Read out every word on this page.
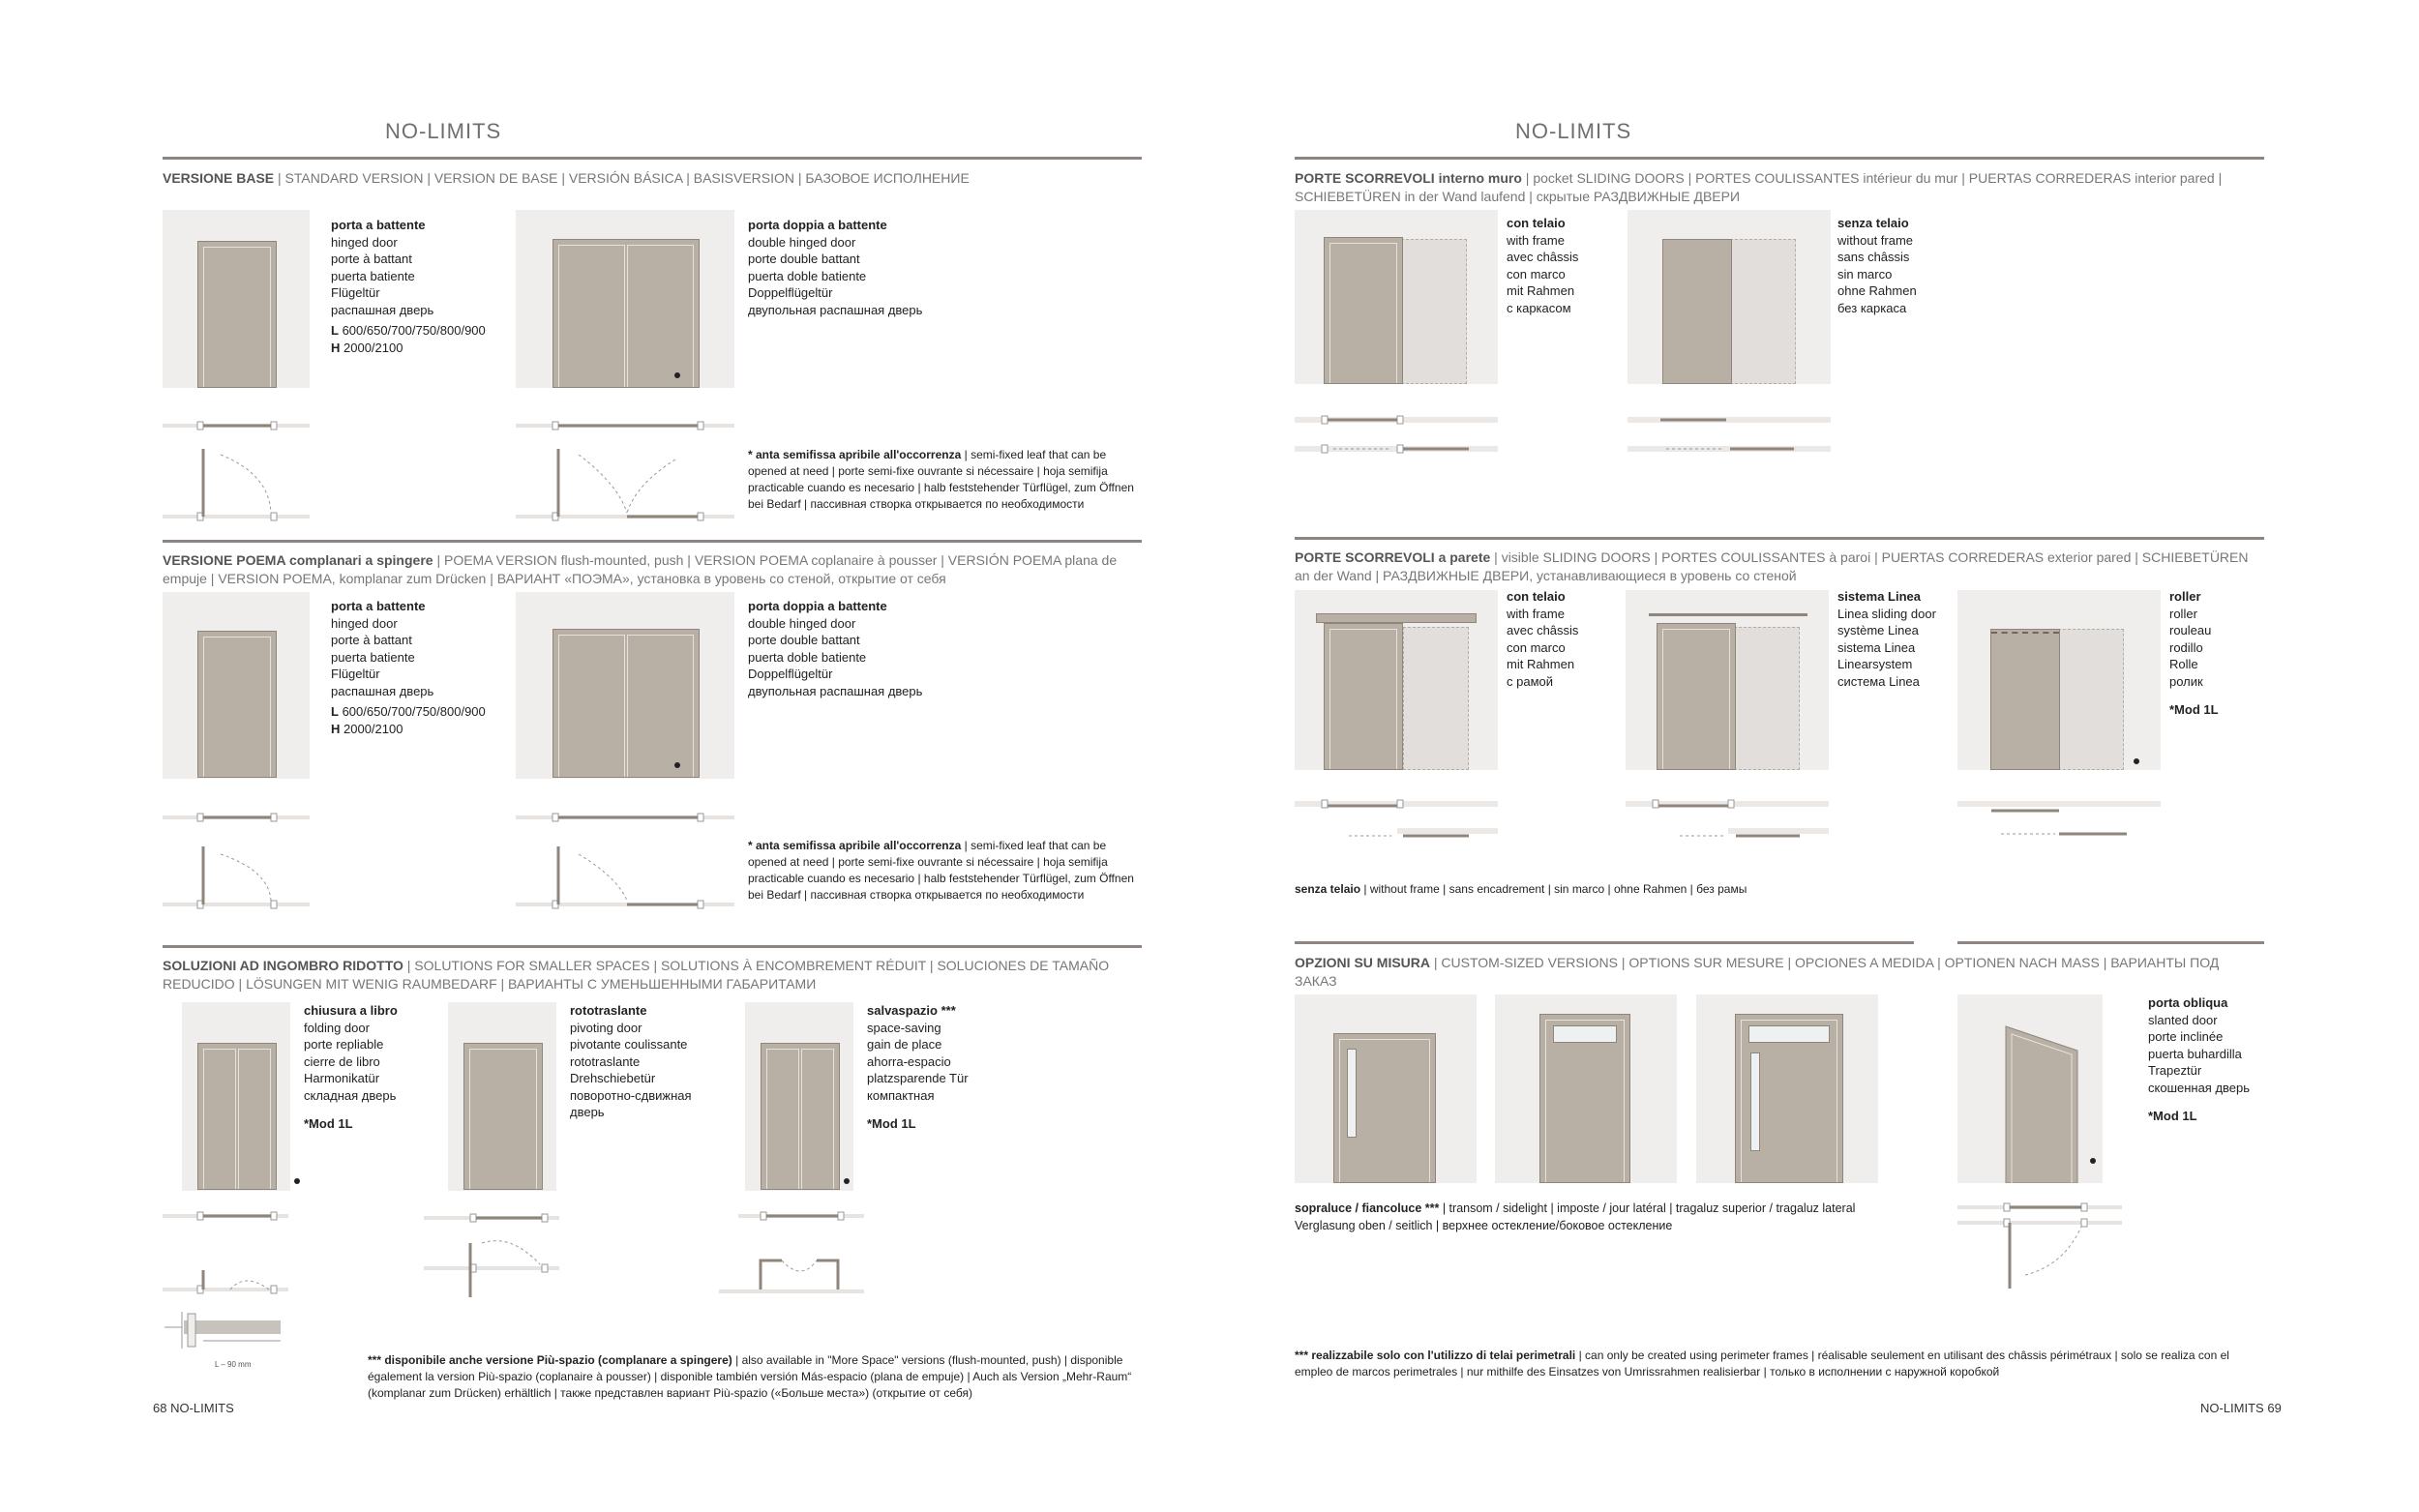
NO-LIMITS
VERSIONE BASE | STANDARD VERSION | VERSION DE BASE | VERSIÓN BÁSICA | BASISVERSION | БАЗОВОЕ ИСПОЛНЕНИЕ
porta a battente
hinged door
porte à battant
puerta batiente
Flügeltür
распашная дверь
L 600/650/700/750/800/900
H 2000/2100
porta doppia a battente
double hinged door
porte double battant
puerta doble batiente
Doppelflügeltür
двупольная распашная дверь
* anta semifissa apribile all'occorrenza | semi-fixed leaf that can be opened at need | porte semi-fixe ouvrante si nécessaire | hoja semifija practicable cuando es necesario | halb feststehender Türflügel, zum Öffnen bei Bedarf | пассивная створка открывается по необходимости
VERSIONE POEMA complanari a spingere | POEMA VERSION flush-mounted, push | VERSION POEMA coplanaire à pousser | VERSIÓN POEMA plana de empuje | VERSION POEMA, komplanar zum Drücken | ВАРИАНТ «ПОЭМА», установка в уровень со стеной, открытие от себя
porta a battente
hinged door
porte à battant
puerta batiente
Flügeltür
распашная дверь
L 600/650/700/750/800/900
H 2000/2100
porta doppia a battente
double hinged door
porte double battant
puerta doble batiente
Doppelflügeltür
двупольная распашная дверь
* anta semifissa apribile all'occorrenza | semi-fixed leaf that can be opened at need | porte semi-fixe ouvrante si nécessaire | hoja semifija practicable cuando es necesario | halb feststehender Türflügel, zum Öffnen bei Bedarf | пассивная створка открывается по необходимости
SOLUZIONI AD INGOMBRO RIDOTTO | SOLUTIONS FOR SMALLER SPACES | SOLUTIONS À ENCOMBREMENT RÉDUIT | SOLUCIONES DE TAMAÑO REDUCIDO | LÖSUNGEN MIT WENIG RAUMBEDARF | ВАРИАНТЫ С УМЕНЬШЕННЫМИ ГАБАРИТАМИ
chiusura a libro
folding door
porte repliable
cierre de libro
Harmonikatür
складная дверь
*Mod 1L
rototraslante
pivoting door
pivotante coulissante
rototraslante
Drehschiebetür
поворотно-сдвижная
дверь
salvaspazio ***
space-saving
gain de place
ahorra-espacio
platzsparende Tür
компактная
*Mod 1L
L – 90 mm	*** disponibile anche versione Più-spazio (complanare a spingere) | also available in "More Space" versions (flush-mounted, push) | disponible également la version Più-spazio (coplanaire à pousser) | disponible también versión Más-espacio (plana de empuje) | Auch als Version „Mehr-Raum“ (komplanar zum Drücken) erhältlich | также представлен вариант Più-spazio («Больше места») (открытие от себя)
68 NO-LIMITS
NO-LIMITS
PORTE SCORREVOLI interno muro | pocket SLIDING DOORS | PORTES COULISSANTES intérieur du mur | PUERTAS CORREDERAS interior pared | SCHIEBETÜREN in der Wand laufend | скрытые РАЗДВИЖНЫЕ ДВЕРИ
con telaio
with frame
avec châssis
con marco
mit Rahmen
с каркасом
senza telaio
without frame
sans châssis
sin marco
ohne Rahmen
без каркаса
PORTE SCORREVOLI a parete | visible SLIDING DOORS | PORTES COULISSANTES à paroi | PUERTAS CORREDERAS exterior pared | SCHIEBETÜREN an der Wand | РАЗДВИЖНЫЕ ДВЕРИ, устанавливающиеся в уровень со стеной
con telaio
with frame
avec châssis
con marco
mit Rahmen
с рамой
sistema Linea
Linea sliding door
système Linea
sistema Linea
Linearsystem
система Linea
roller
roller
rouleau
rodillo
Rolle
ролик
*Mod 1L
senza telaio | without frame | sans encadrement | sin marco | ohne Rahmen | без рамы
OPZIONI SU MISURA | CUSTOM-SIZED VERSIONS | OPTIONS SUR MESURE | OPCIONES A MEDIDA | OPTIONEN NACH MASS | ВАРИАНТЫ ПОД ЗАКАЗ
porta obliqua
slanted door
porte inclinée
puerta buhardilla
Trapeztür
скошенная дверь
*Mod 1L
sopraluce / fiancoluce *** | transom / sidelight | imposte / jour latéral | tragaluz superior / tragaluz lateral
Verglasung oben / seitlich | верхнее остекление/боковое остекление
*** realizzabile solo con l'utilizzo di telai perimetrali | can only be created using perimeter frames | réalisable seulement en utilisant des châssis périmétraux | solo se realiza con el empleo de marcos perimetrales | nur mithilfe des Einsatzes von Umrissrahmen realisierbar | только в исполнении с наружной коробкой
NO-LIMITS 69
